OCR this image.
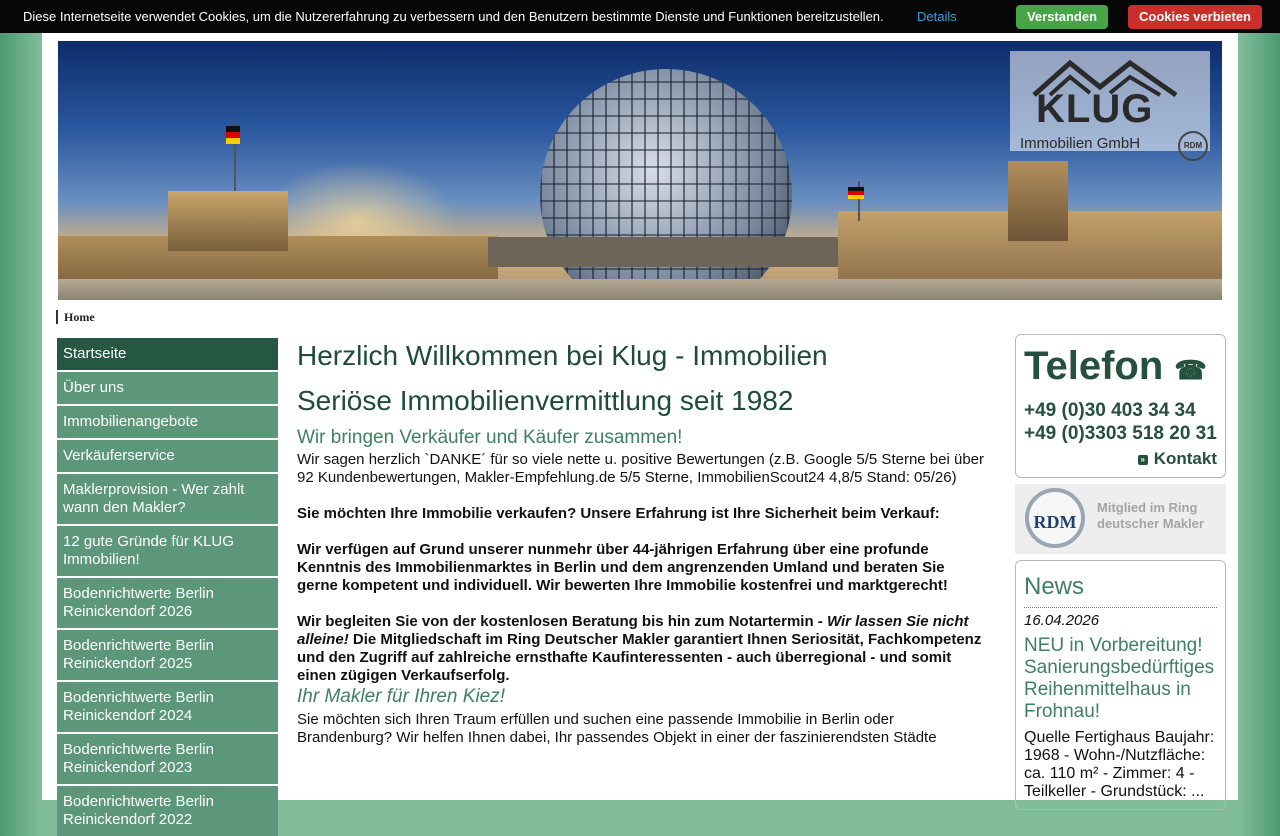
Diese Internetseite verwendet Cookies, um die Nutzererfahrung zu verbessern und den Benutzern bestimmte Dienste und Funktionen bereitzustellen.	Details	Verstanden	Cookies verbieten
KLUG
Immobilien GmbH	RDM
Home
Startseite
Über uns
Immobilienangebote
Verkäuferservice
Maklerprovision - Wer zahlt wann den Makler?
12 gute Gründe für KLUG Immobilien!
Bodenrichtwerte Berlin Reinickendorf 2026
Bodenrichtwerte Berlin Reinickendorf 2025
Bodenrichtwerte Berlin Reinickendorf 2024
Bodenrichtwerte Berlin Reinickendorf 2023
Bodenrichtwerte Berlin Reinickendorf 2022
Herzlich Willkommen bei Klug - Immobilien
Seriöse Immobilienvermittlung seit 1982
Wir bringen Verkäufer und Käufer zusammen!

Wir sagen herzlich `DANKE´ für so viele nette u. positive Bewertungen (z.B. Google 5/5 Sterne bei über 92 Kundenbewertungen, Makler-Empfehlung.de 5/5 Sterne, ImmobilienScout24 4,8/5 Stand: 05/26)

Sie möchten Ihre Immobilie verkaufen? Unsere Erfahrung ist Ihre Sicherheit beim Verkauf:

Wir verfügen auf Grund unserer nunmehr über 44-jährigen Erfahrung über eine profunde Kenntnis des Immobilienmarktes in Berlin und dem angrenzenden Umland und beraten Sie gerne kompetent und individuell. Wir bewerten Ihre Immobilie kostenfrei und marktgerecht!

Wir begleiten Sie von der kostenlosen Beratung bis hin zum Notartermin - Wir lassen Sie nicht alleine! Die Mitgliedschaft im Ring Deutscher Makler garantiert Ihnen Seriosität, Fachkompetenz und den Zugriff auf zahlreiche ernsthafte Kaufinteressenten - auch überregional - und somit einen zügigen Verkaufserfolg.

Ihr Makler für Ihren Kiez!

Sie möchten sich Ihren Traum erfüllen und suchen eine passende Immobilie in Berlin oder Brandenburg? Wir helfen Ihnen dabei, Ihr passendes Objekt in einer der faszinierendsten Städte

Telefon ☎
+49 (0)30 403 34 34
+49 (0)3303 518 20 31
» Kontakt
RDM
Mitglied im Ring deutscher Makler
News
16.04.2026
NEU in Vorbereitung! Sanierungsbedürftiges Reihenmittelhaus in Frohnau!
Quelle Fertighaus Baujahr: 1968 - Wohn-/Nutzfläche: ca. 110 m² - Zimmer: 4 - Teilkeller - Grundstück: ...
